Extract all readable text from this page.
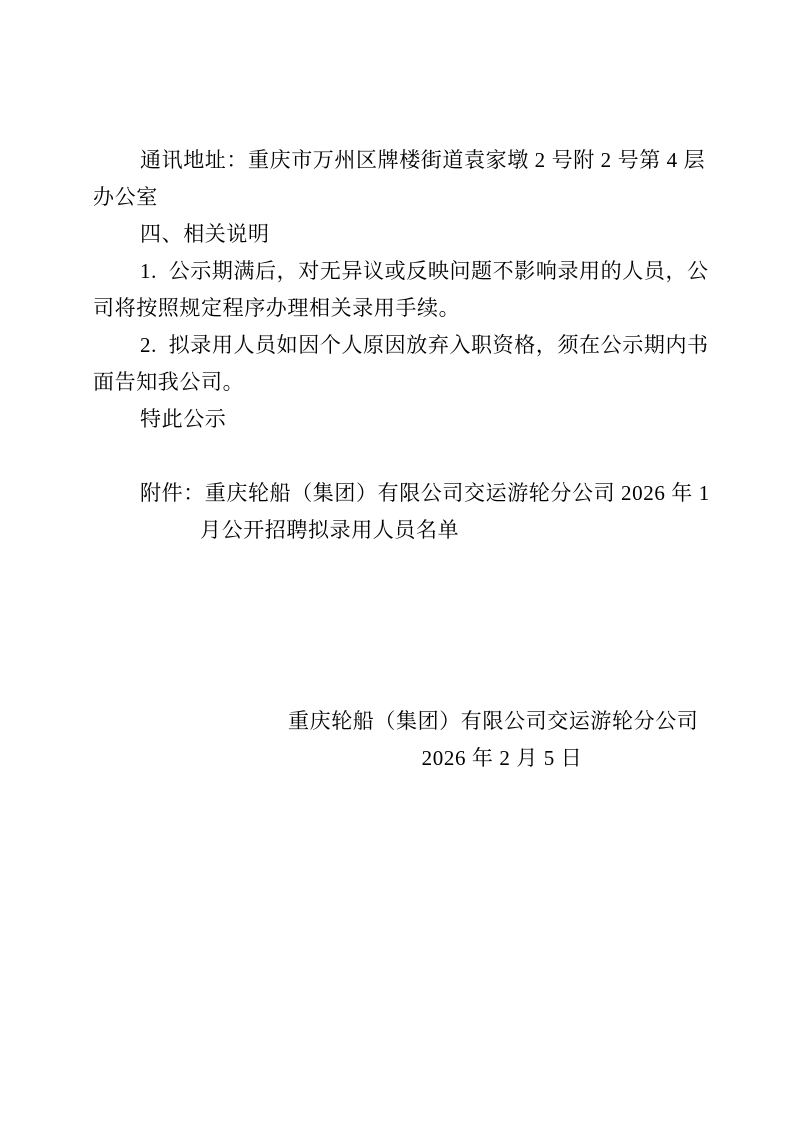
通讯地址：重庆市万州区牌楼街道袁家墩 2 号附 2 号第 4 层
办公室
四、相关说明
1.  公示期满后，对无异议或反映问题不影响录用的人员，公
司将按照规定程序办理相关录用手续。
2.  拟录用人员如因个人原因放弃入职资格，须在公示期内书
面告知我公司。
特此公示
附件：重庆轮船（集团）有限公司交运游轮分公司 2026 年 1
月公开招聘拟录用人员名单
重庆轮船（集团）有限公司交运游轮分公司
2026 年 2 月 5 日
